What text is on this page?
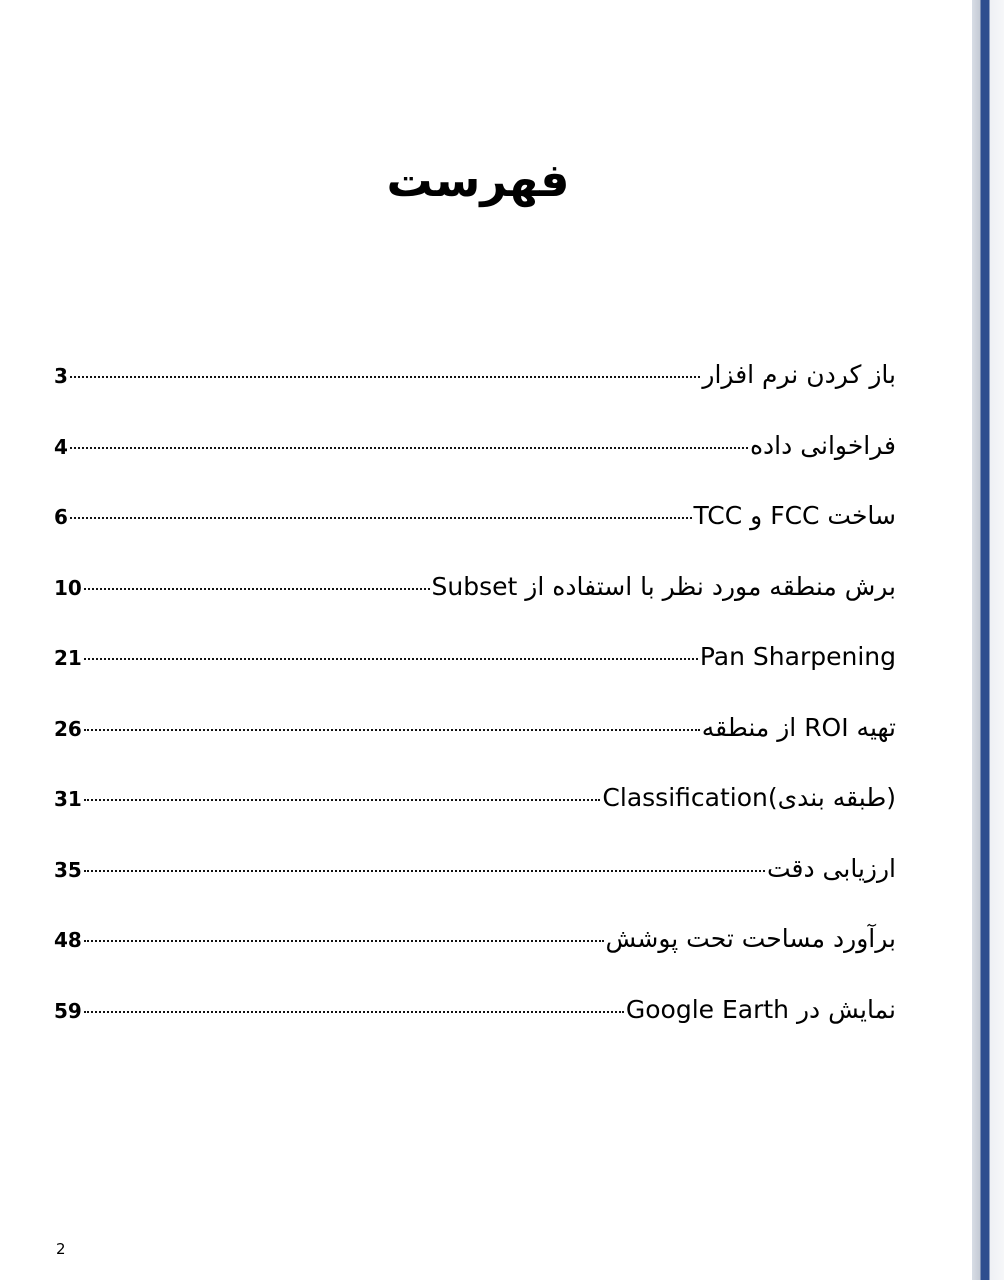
فهرست
باز کردن نرم افزار
3
فراخوانی داده
4
ساخت FCC و TCC
6
برش منطقه مورد نظر با استفاده از Subset
10
Pan Sharpening
21
تهیه ROI از منطقه
26
Classification(طبقه بندی)
31
ارزیابی دقت
35
برآورد مساحت تحت پوشش
48
نمایش در Google Earth
59
2
